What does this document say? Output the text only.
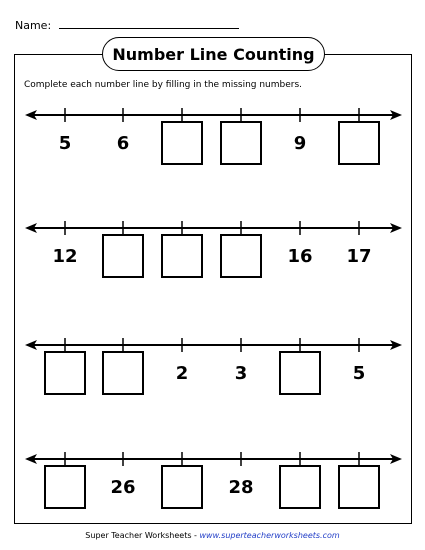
Name:
Number Line Counting
Complete each number line by filling in the missing numbers.
5	6	9
12	16	17
2	3	5
26	28
Super Teacher Worksheets - www.superteacherworksheets.com
